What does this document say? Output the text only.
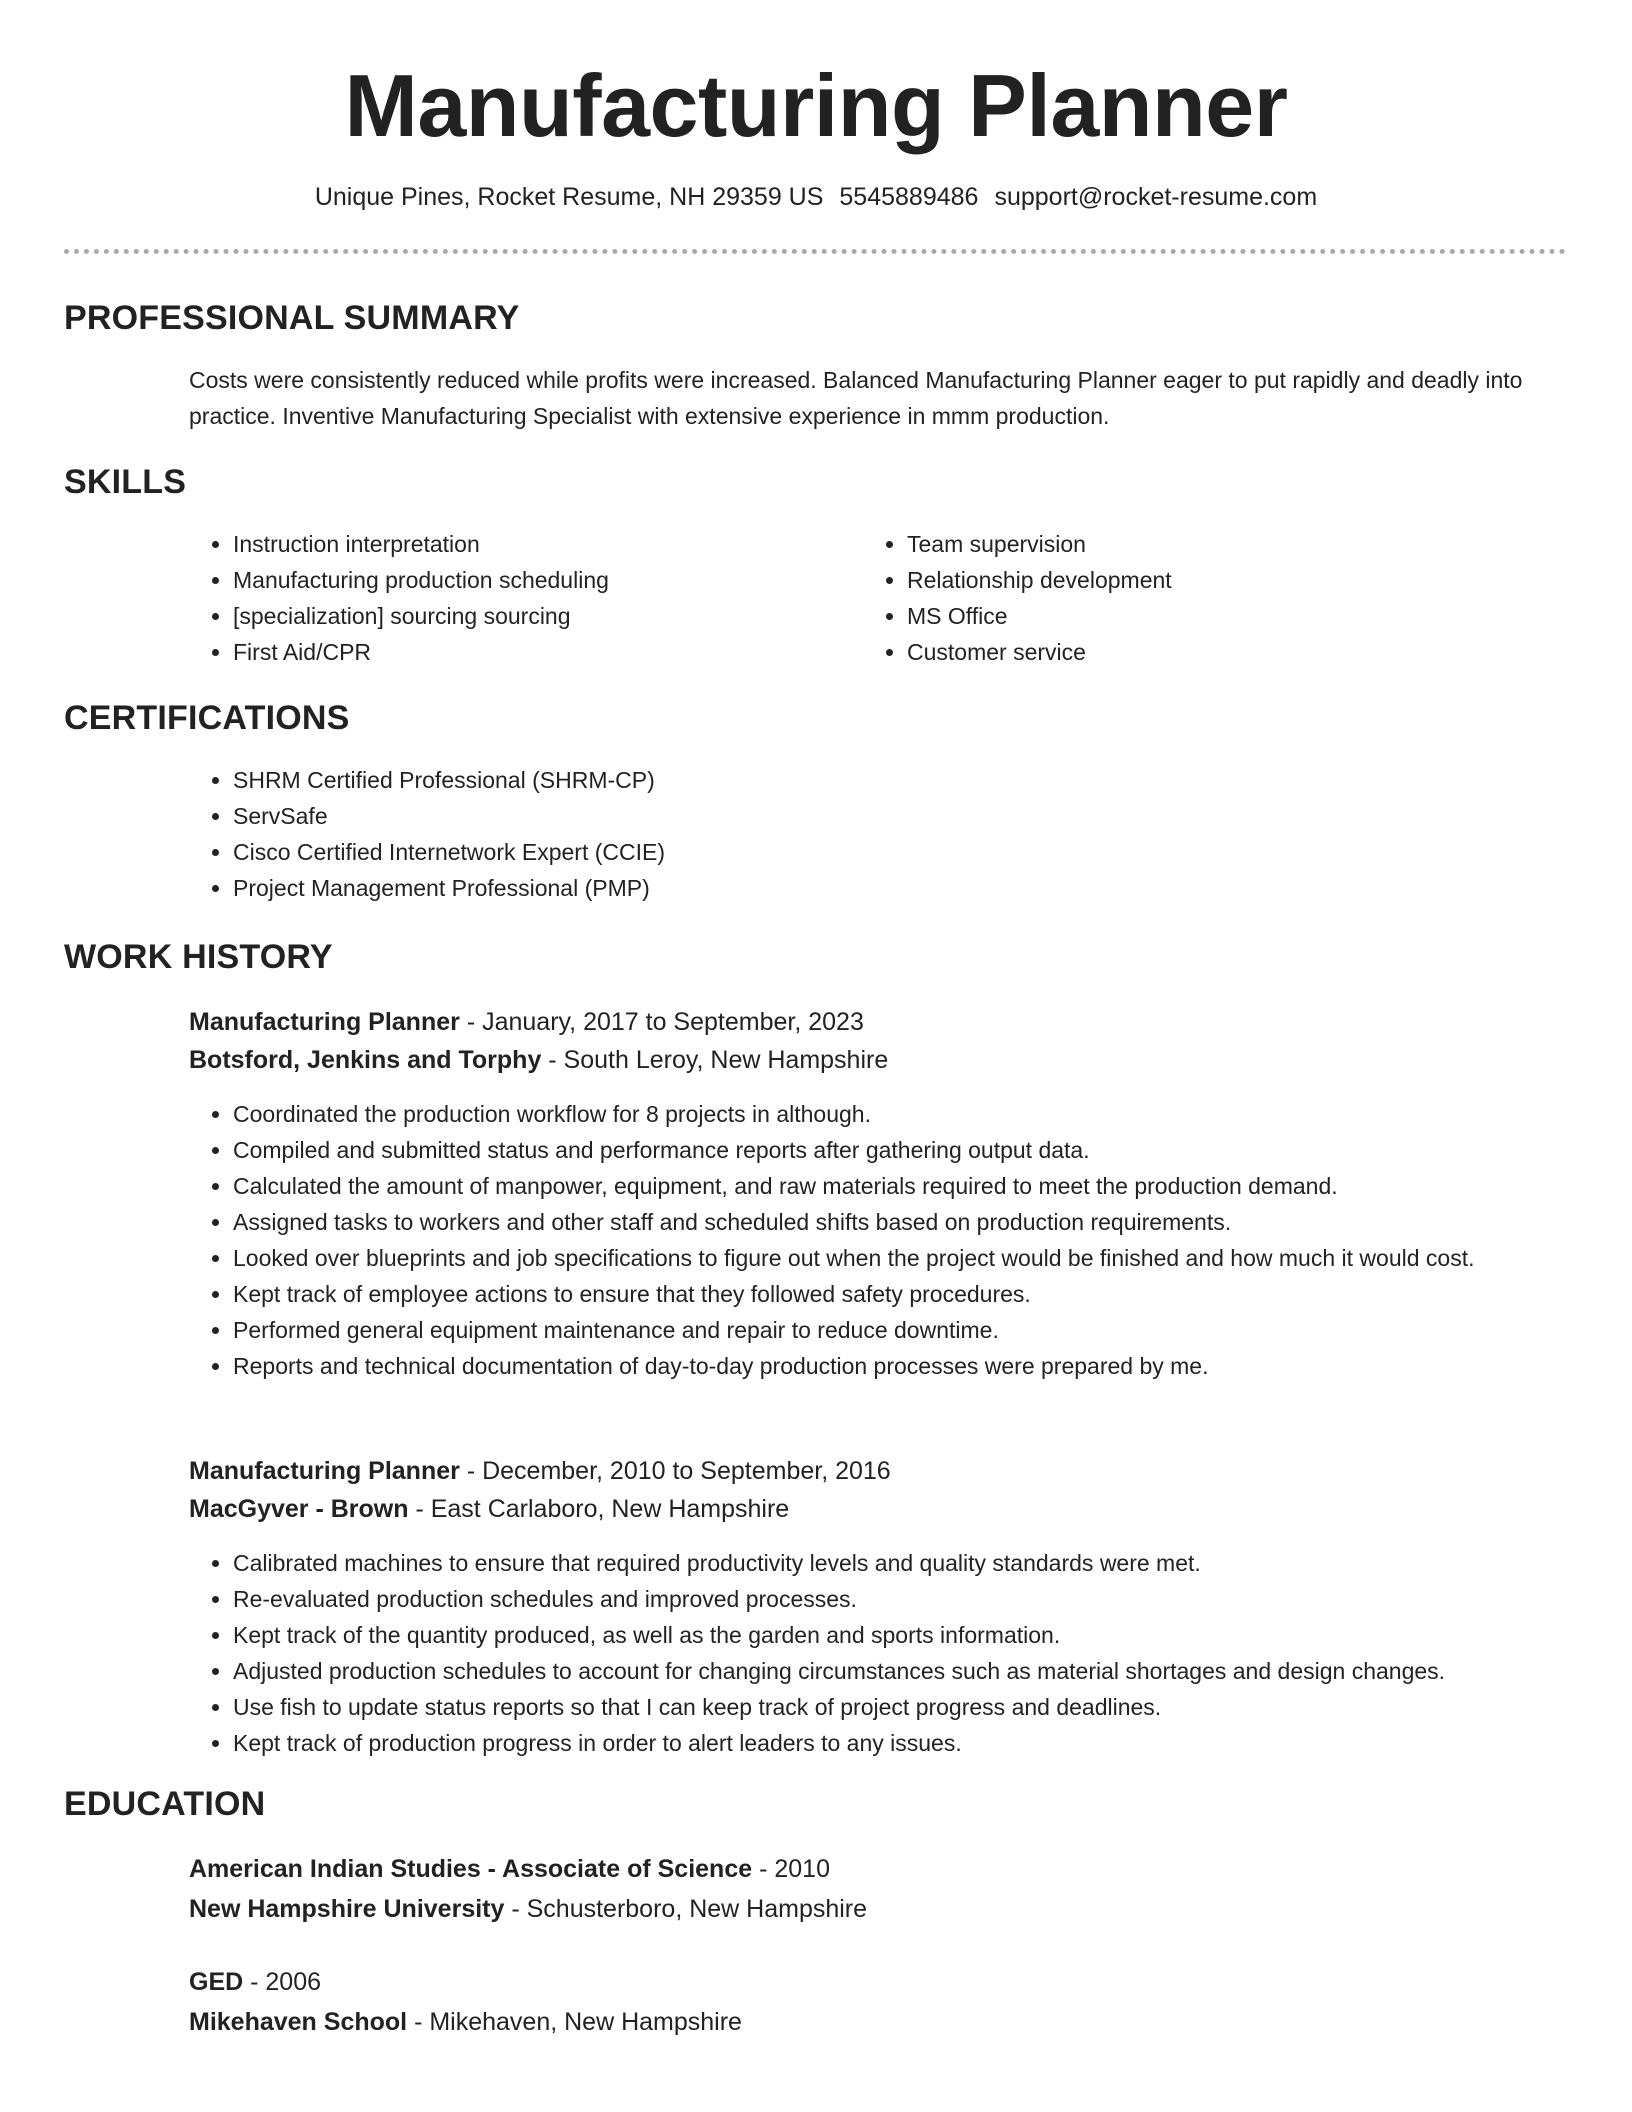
Manufacturing Planner
Unique Pines, Rocket Resume, NH 29359 US 5545889486 support@rocket-resume.com
PROFESSIONAL SUMMARY

Costs were consistently reduced while profits were increased. Balanced Manufacturing Planner eager to put rapidly and deadly into practice. Inventive Manufacturing Specialist with extensive experience in mmm production.

SKILLS
• Instruction interpretation
• Manufacturing production scheduling
• [specialization] sourcing sourcing
• First Aid/CPR
• Team supervision
• Relationship development
• MS Office
• Customer service
CERTIFICATIONS
• SHRM Certified Professional (SHRM-CP)
• ServSafe
• Cisco Certified Internetwork Expert (CCIE)
• Project Management Professional (PMP)
WORK HISTORY
Manufacturing Planner - January, 2017 to September, 2023
Botsford, Jenkins and Torphy - South Leroy, New Hampshire
• Coordinated the production workflow for 8 projects in although.
• Compiled and submitted status and performance reports after gathering output data.
• Calculated the amount of manpower, equipment, and raw materials required to meet the production demand.
• Assigned tasks to workers and other staff and scheduled shifts based on production requirements.
• Looked over blueprints and job specifications to figure out when the project would be finished and how much it would cost.
• Kept track of employee actions to ensure that they followed safety procedures.
• Performed general equipment maintenance and repair to reduce downtime.
• Reports and technical documentation of day-to-day production processes were prepared by me.
Manufacturing Planner - December, 2010 to September, 2016
MacGyver - Brown - East Carlaboro, New Hampshire
• Calibrated machines to ensure that required productivity levels and quality standards were met.
• Re-evaluated production schedules and improved processes.
• Kept track of the quantity produced, as well as the garden and sports information.
• Adjusted production schedules to account for changing circumstances such as material shortages and design changes.
• Use fish to update status reports so that I can keep track of project progress and deadlines.
• Kept track of production progress in order to alert leaders to any issues.
EDUCATION
American Indian Studies - Associate of Science - 2010
New Hampshire University - Schusterboro, New Hampshire
GED - 2006
Mikehaven School - Mikehaven, New Hampshire
